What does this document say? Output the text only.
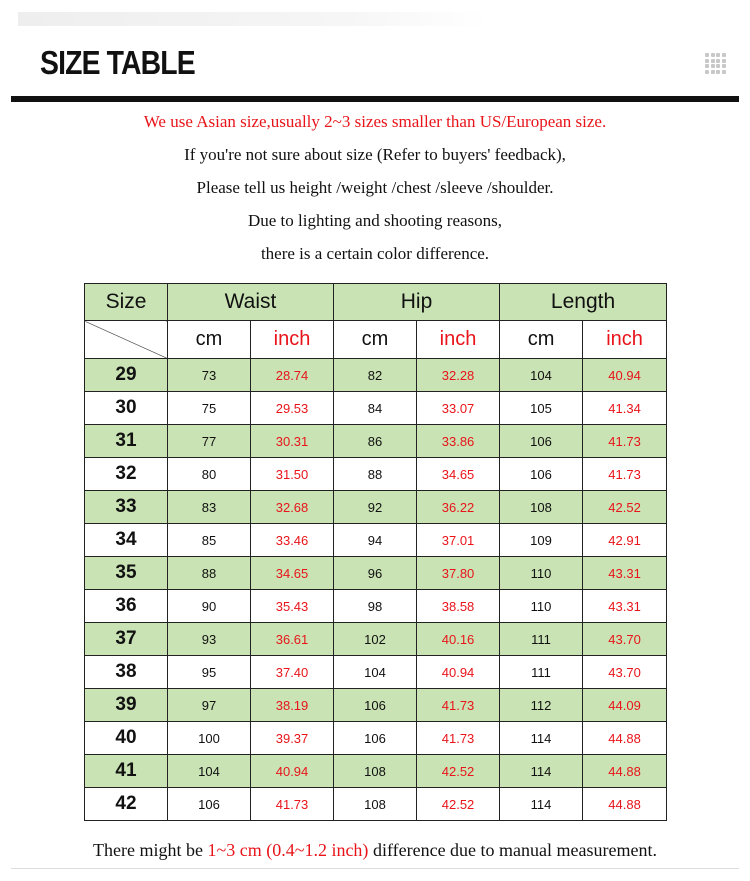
SIZE TABLE
We use Asian size,usually 2~3 sizes smaller than US/European size.
If you're not sure about size (Refer to buyers' feedback),
Please tell us height /weight /chest /sleeve /shoulder.
Due to lighting and shooting reasons,
there is a certain color difference.
Size	Waist		Hip		Length	
	cm	inch	cm	inch	cm	inch
29	73	28.74	82	32.28	104	40.94
30	75	29.53	84	33.07	105	41.34
31	77	30.31	86	33.86	106	41.73
32	80	31.50	88	34.65	106	41.73
33	83	32.68	92	36.22	108	42.52
34	85	33.46	94	37.01	109	42.91
35	88	34.65	96	37.80	110	43.31
36	90	35.43	98	38.58	110	43.31
37	93	36.61	102	40.16	111	43.70
38	95	37.40	104	40.94	111	43.70
39	97	38.19	106	41.73	112	44.09
40	100	39.37	106	41.73	114	44.88
41	104	40.94	108	42.52	114	44.88
42	106	41.73	108	42.52	114	44.88
There might be 1~3 cm (0.4~1.2 inch) difference due to manual measurement.
